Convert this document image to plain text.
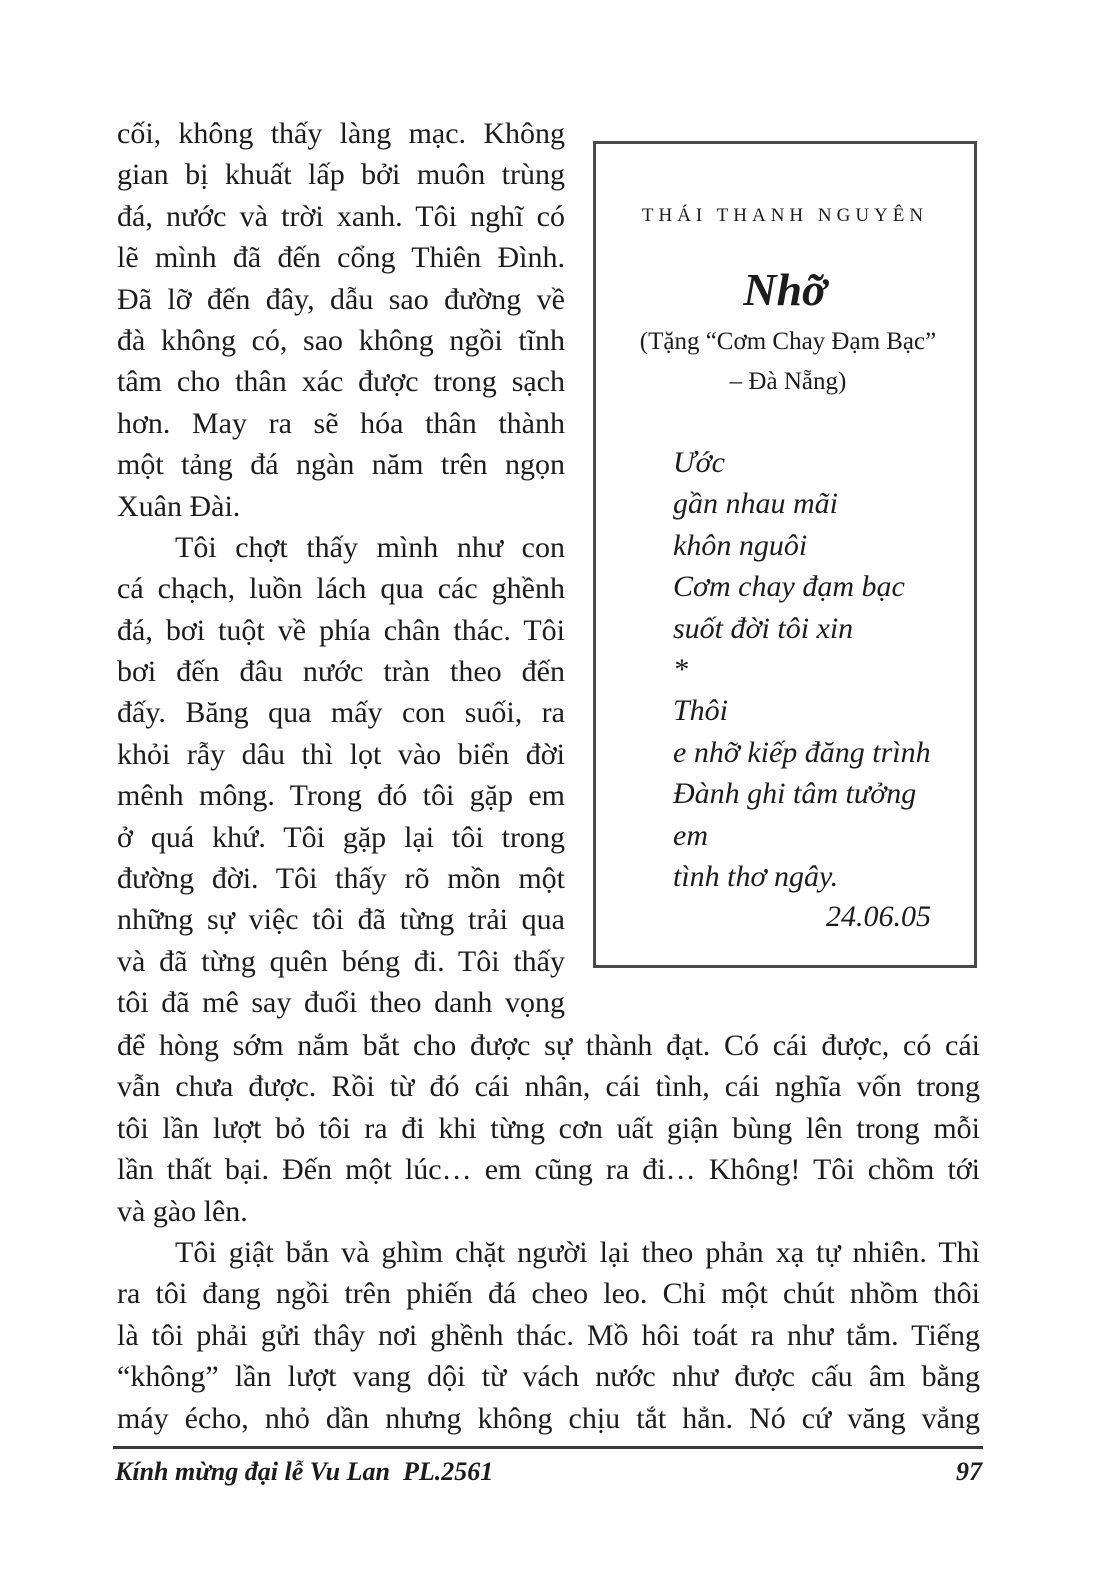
cối, không thấy làng mạc. Không
gian bị khuất lấp bởi muôn trùng
đá, nước và trời xanh. Tôi nghĩ có
lẽ mình đã đến cổng Thiên Đình.
Đã lỡ đến đây, dẫu sao đường về
đà không có, sao không ngồi tĩnh
tâm cho thân xác được trong sạch
hơn. May ra sẽ hóa thân thành
một tảng đá ngàn năm trên ngọn
Xuân Đài.
Tôi chợt thấy mình như con
cá chạch, luồn lách qua các ghềnh
đá, bơi tuột về phía chân thác. Tôi
bơi đến đâu nước tràn theo đến
đấy. Băng qua mấy con suối, ra
khỏi rẫy dâu thì lọt vào biển đời
mênh mông. Trong đó tôi gặp em
ở quá khứ. Tôi gặp lại tôi trong
đường đời. Tôi thấy rõ mồn một
những sự việc tôi đã từng trải qua
và đã từng quên béng đi. Tôi thấy
tôi đã mê say đuổi theo danh vọng
THÁI THANH NGUYÊN
Nhỡ
(Tặng “Cơm Chay Đạm Bạc”
– Đà Nẵng)
Ước
gần nhau mãi
khôn nguôi
Cơm chay đạm bạc
suốt đời tôi xin
*
Thôi
e nhỡ kiếp đăng trình
Đành ghi tâm tưởng
em
tình thơ ngây.
24.06.05
để hòng sớm nắm bắt cho được sự thành đạt. Có cái được, có cái
vẫn chưa được. Rồi từ đó cái nhân, cái tình, cái nghĩa vốn trong
tôi lần lượt bỏ tôi ra đi khi từng cơn uất giận bùng lên trong mỗi
lần thất bại. Đến một lúc… em cũng ra đi… Không! Tôi chồm tới
và gào lên.
Tôi giật bắn và ghìm chặt người lại theo phản xạ tự nhiên. Thì
ra tôi đang ngồi trên phiến đá cheo leo. Chỉ một chút nhồm thôi
là tôi phải gửi thây nơi ghềnh thác. Mồ hôi toát ra như tắm. Tiếng
“không” lần lượt vang dội từ vách nước như được cấu âm bằng
máy écho, nhỏ dần nhưng không chịu tắt hẳn. Nó cứ văng vẳng
Kính mừng đại lễ Vu Lan  PL.2561	97
